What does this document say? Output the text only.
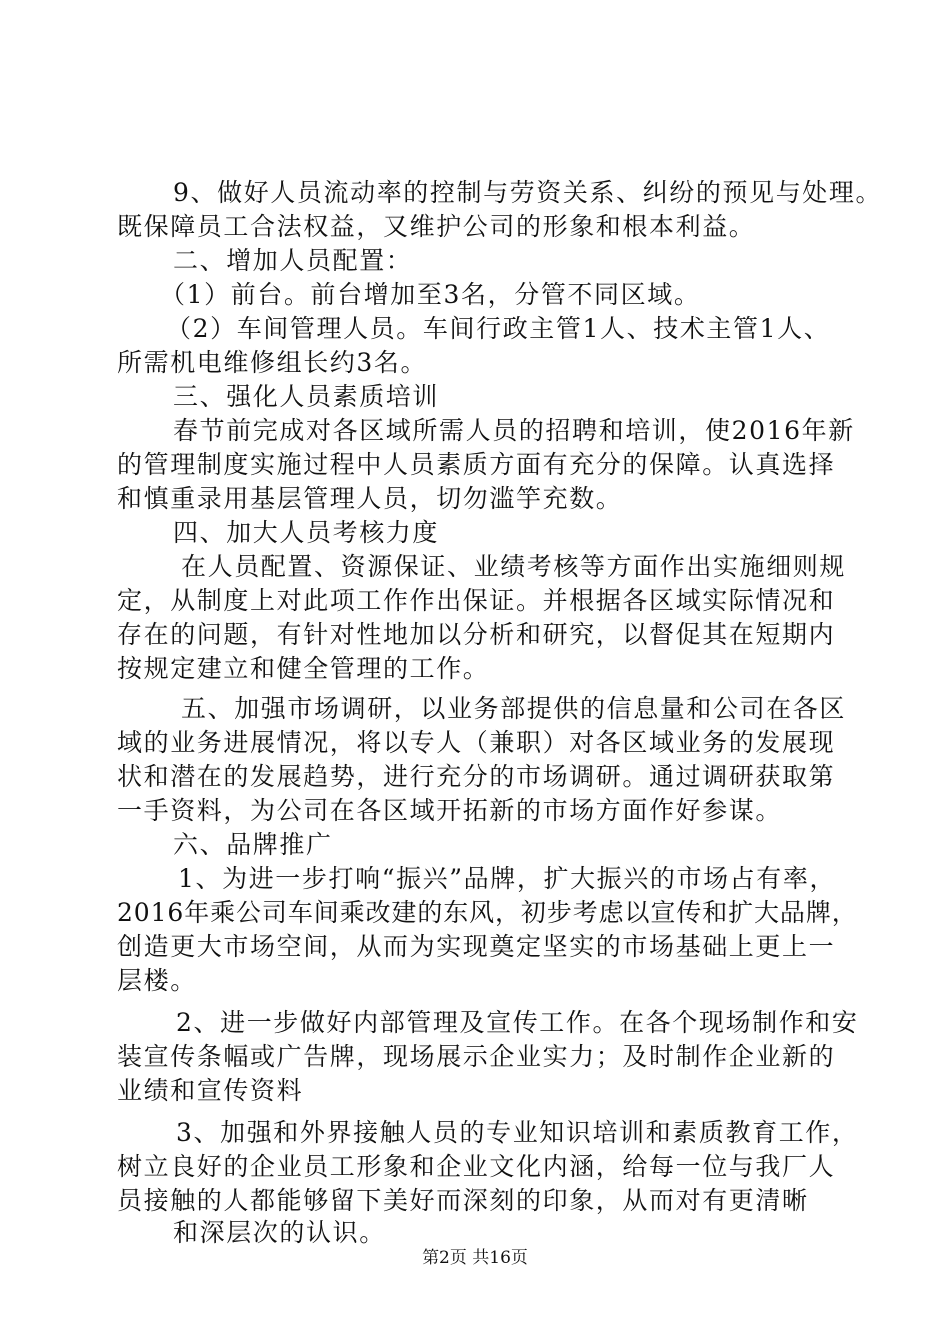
9、做好人员流动率的控制与劳资关系、纠纷的预见与处理。
既保障员工合法权益，又维护公司的形象和根本利益。
二、增加人员配置：
（1）前台。前台增加至3名，分管不同区域。
（2）车间管理人员。车间行政主管1人、技术主管1人、
所需机电维修组长约3名。
三、强化人员素质培训
春节前完成对各区域所需人员的招聘和培训，使2016年新
的管理制度实施过程中人员素质方面有充分的保障。认真选择
和慎重录用基层管理人员，切勿滥竽充数。
四、加大人员考核力度
在人员配置、资源保证、业绩考核等方面作出实施细则规
定，从制度上对此项工作作出保证。并根据各区域实际情况和
存在的问题，有针对性地加以分析和研究，以督促其在短期内
按规定建立和健全管理的工作。
五、加强市场调研，以业务部提供的信息量和公司在各区
域的业务进展情况，将以专人（兼职）对各区域业务的发展现
状和潜在的发展趋势，进行充分的市场调研。通过调研获取第
一手资料，为公司在各区域开拓新的市场方面作好参谋。
六、品牌推广
1、为进一步打响“振兴”品牌，扩大振兴的市场占有率，
2016年乘公司车间乘改建的东风，初步考虑以宣传和扩大品牌，
创造更大市场空间，从而为实现奠定坚实的市场基础上更上一
层楼。
2、进一步做好内部管理及宣传工作。在各个现场制作和安
装宣传条幅或广告牌，现场展示企业实力；及时制作企业新的
业绩和宣传资料
3、加强和外界接触人员的专业知识培训和素质教育工作，
树立良好的企业员工形象和企业文化内涵，给每一位与我厂人
员接触的人都能够留下美好而深刻的印象，从而对有更清晰
和深层次的认识。
第2页 共16页
